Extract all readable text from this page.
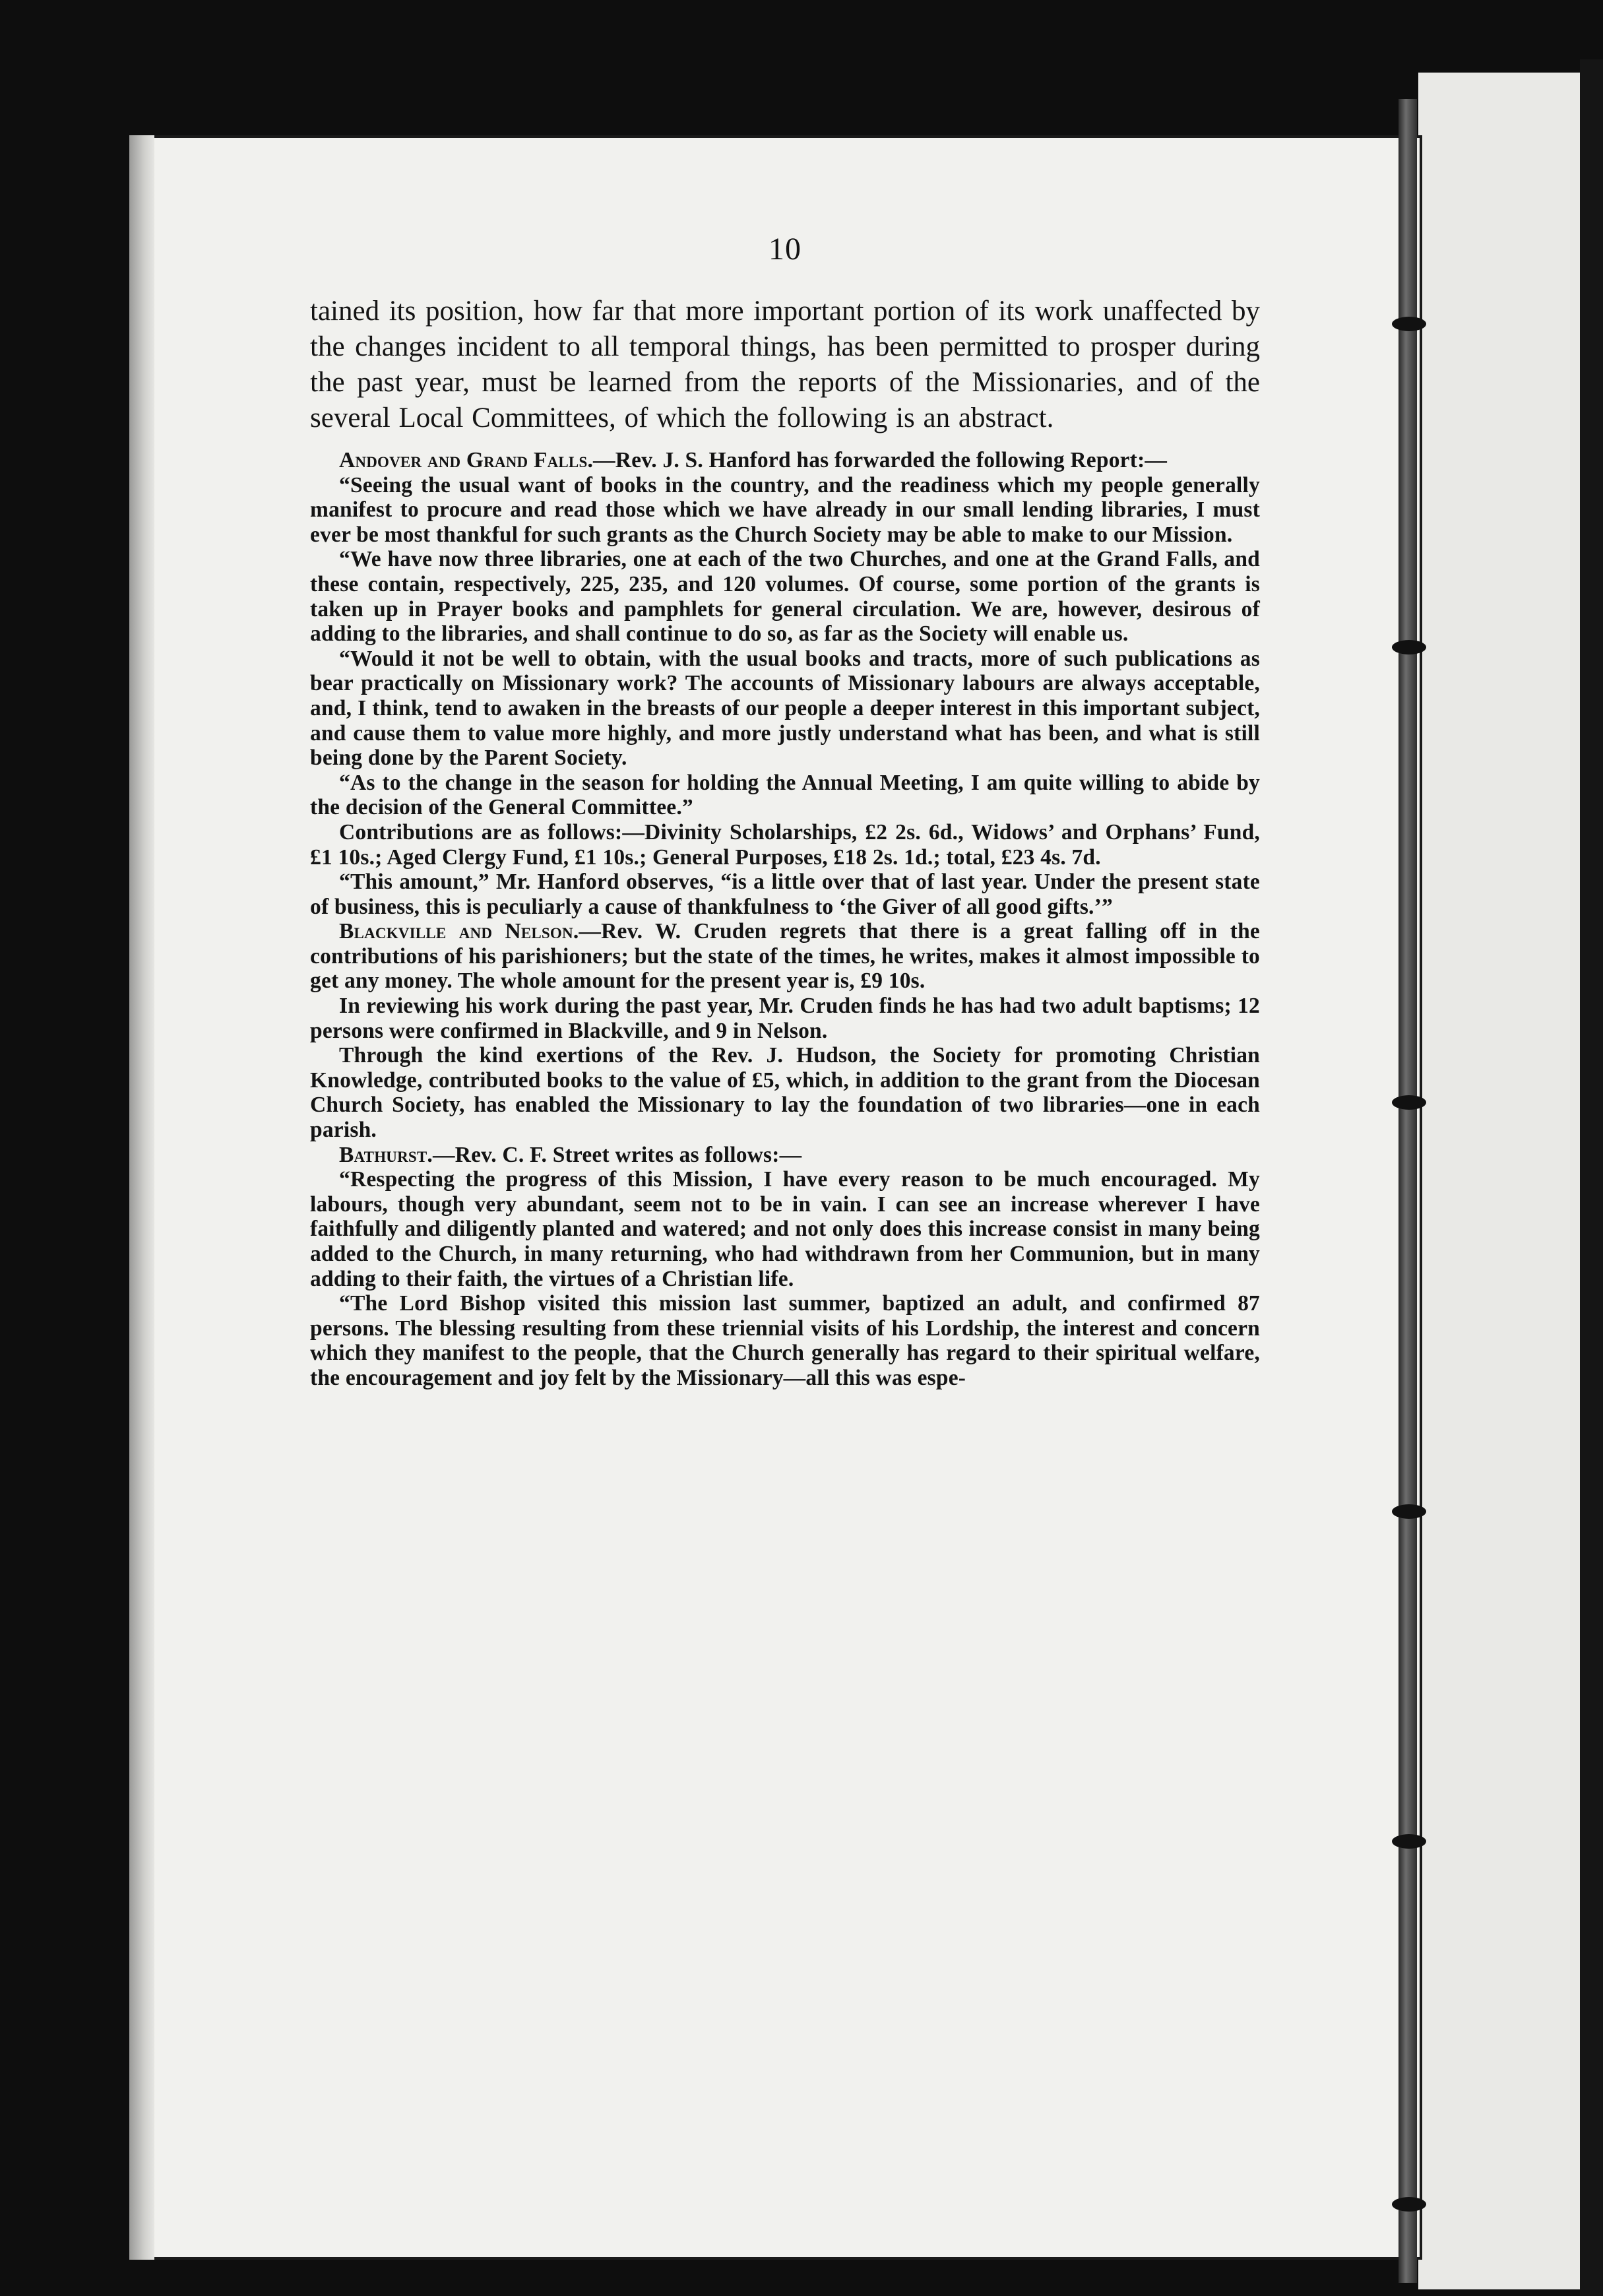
10

tained its position, how far that more important portion of its work unaffected by the changes incident to all temporal things, has been permitted to prosper during the past year, must be learned from the reports of the Missionaries, and of the several Local Committees, of which the following is an abstract.

Andover and Grand Falls.—Rev. J. S. Hanford has forwarded the following Report:—

“Seeing the usual want of books in the country, and the readiness which my people generally manifest to procure and read those which we have already in our small lending libraries, I must ever be most thankful for such grants as the Church Society may be able to make to our Mission.

“We have now three libraries, one at each of the two Churches, and one at the Grand Falls, and these contain, respectively, 225, 235, and 120 volumes. Of course, some portion of the grants is taken up in Prayer books and pamphlets for general circulation. We are, however, desirous of adding to the libraries, and shall continue to do so, as far as the Society will enable us.

“Would it not be well to obtain, with the usual books and tracts, more of such publications as bear practically on Missionary work? The accounts of Missionary labours are always acceptable, and, I think, tend to awaken in the breasts of our people a deeper interest in this important subject, and cause them to value more highly, and more justly understand what has been, and what is still being done by the Parent Society.

“As to the change in the season for holding the Annual Meeting, I am quite willing to abide by the decision of the General Committee.”

Contributions are as follows:—Divinity Scholarships, £2 2s. 6d., Widows’ and Orphans’ Fund, £1 10s.; Aged Clergy Fund, £1 10s.; General Purposes, £18 2s. 1d.; total, £23 4s. 7d.

“This amount,” Mr. Hanford observes, “is a little over that of last year. Under the present state of business, this is peculiarly a cause of thankfulness to ‘the Giver of all good gifts.’”

Blackville and Nelson.—Rev. W. Cruden regrets that there is a great falling off in the contributions of his parishioners; but the state of the times, he writes, makes it almost impossible to get any money. The whole amount for the present year is, £9 10s.

In reviewing his work during the past year, Mr. Cruden finds he has had two adult baptisms; 12 persons were confirmed in Blackville, and 9 in Nelson.

Through the kind exertions of the Rev. J. Hudson, the Society for promoting Christian Knowledge, contributed books to the value of £5, which, in addition to the grant from the Diocesan Church Society, has enabled the Missionary to lay the foundation of two libraries—one in each parish.

Bathurst.—Rev. C. F. Street writes as follows:—

“Respecting the progress of this Mission, I have every reason to be much encouraged. My labours, though very abundant, seem not to be in vain. I can see an increase wherever I have faithfully and diligently planted and watered; and not only does this increase consist in many being added to the Church, in many returning, who had withdrawn from her Communion, but in many adding to their faith, the virtues of a Christian life.

“The Lord Bishop visited this mission last summer, baptized an adult, and confirmed 87 persons. The blessing resulting from these triennial visits of his Lordship, the interest and concern which they manifest to the people, that the Church generally has regard to their spiritual welfare, the encouragement and joy felt by the Missionary—all this was espe-
